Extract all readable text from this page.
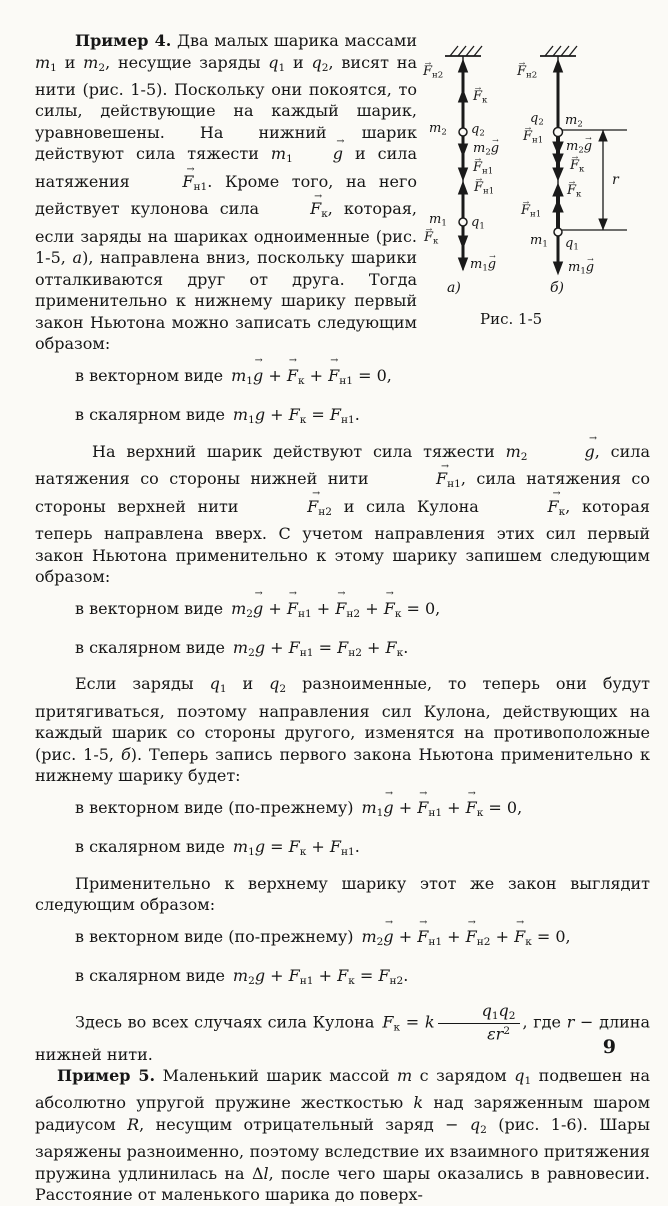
F →н2
F →к
m2 q2
m2g →
F →н1
F →н1
m1 q1
F →к
m1g →
а)
F →н2
q2 m2
F →н1 m2g →
F →к
F →к
F →н1
m1 q1
m1g →
r
б)
Рис. 1-5
Пример 4. Два малых шарика массами m1 и m2, несущие заряды q1 и q2, висят на нити (рис. 1-5). Поскольку они покоятся, то силы, действующие на каждый шарик, уравновешены. На нижний шарик действуют сила тяжести m1	g → и сила натяжения	F →н1. Кроме того, на него действует кулонова сила	F →к, которая, если заряды на шариках одноименные (рис. 1-5, а), направлена вниз, поскольку шарики отталкиваются друг от друга. Тогда применительно к нижнему шарику первый закон Ньютона можно записать следующим образом:
в векторном виде m1g → + F →к + F →н1 = 0,
в скалярном виде m1g + Fк = Fн1.
На верхний шарик действуют сила тяжести m2	g →, сила натяжения со стороны нижней нити	F →н1, сила натяжения со стороны верхней нити	F →н2 и сила Кулона	F →к, которая теперь направлена вверх. С учетом направления этих сил первый закон Ньютона применительно к этому шарику запишем следующим образом:
в векторном виде m2g → + F →н1 + F →н2 + F →к = 0,
в скалярном виде m2g + Fн1 = Fн2 + Fк.
Если заряды q1 и q2 разноименные, то теперь они будут притягиваться, поэтому направления сил Кулона, действующих на каждый шарик со стороны другого, изменятся на противоположные (рис. 1-5, б). Теперь запись первого закона Ньютона применительно к нижнему шарику будет:
в векторном виде (по-прежнему) m1g → + F →н1 + F →к = 0,
в скалярном виде m1g = Fк + Fн1.
Применительно к верхнему шарику этот же закон выглядит следующим образом:
в векторном виде (по-прежнему) m2g → + F →н1 + F →н2 + F →к = 0,
в скалярном виде m2g + Fн1 + Fк = Fн2.
Здесь во всех случаях сила Кулона Fк = k $\frac{q1q2}{\varepsilon r^2}$ , где r − длина нижней нити.
Пример 5. Маленький шарик массой m с зарядом q1 подвешен на абсолютно упругой пружине жесткостью k над заряженным шаром радиусом R, несущим отрицательный заряд − q2 (рис. 1-6). Шары заряжены разноименно, поэтому вследствие их взаимного притяжения пружина удлинилась на Δl, после чего шары оказались в равновесии. Расстояние от маленького шарика до поверх-
9
